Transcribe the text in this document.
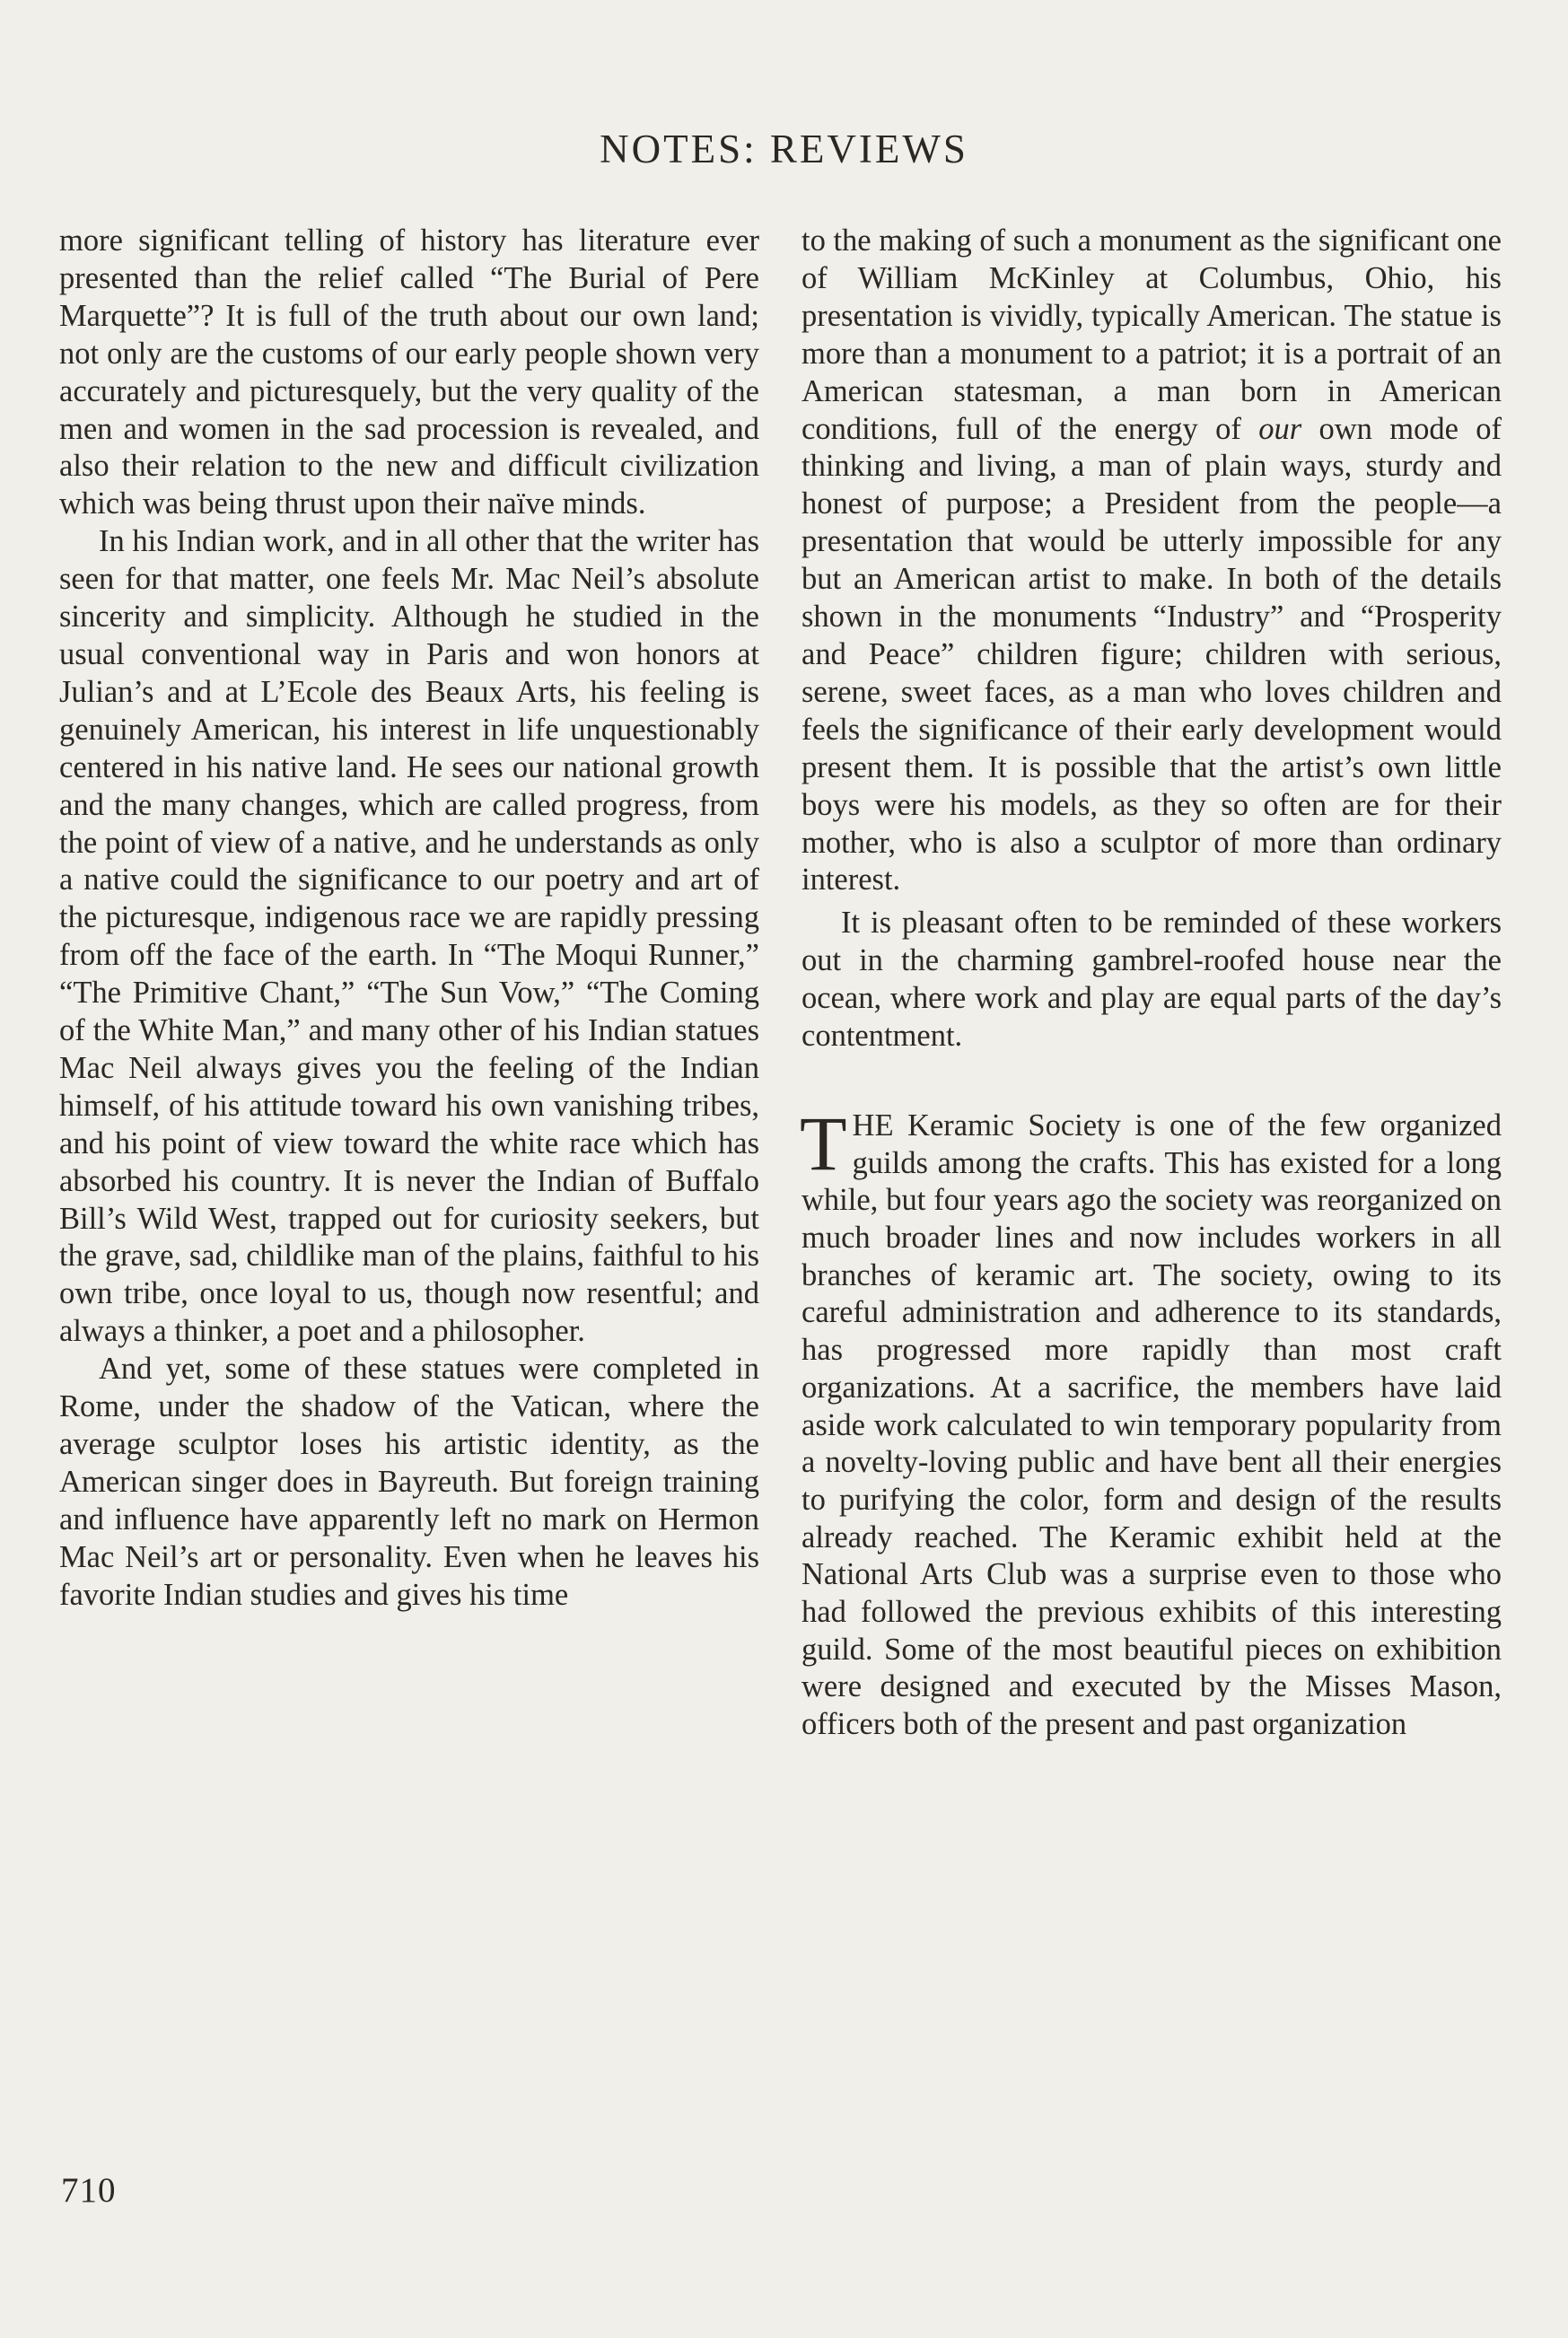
NOTES: REVIEWS

more significant telling of history has literature ever presented than the relief called “The Burial of Pere Marquette”? It is full of the truth about our own land; not only are the customs of our early people shown very accurately and picturesquely, but the very quality of the men and women in the sad procession is revealed, and also their relation to the new and difficult civilization which was being thrust upon their naïve minds.

In his Indian work, and in all other that the writer has seen for that matter, one feels Mr. Mac Neil’s absolute sincerity and simplicity. Although he studied in the usual conventional way in Paris and won honors at Julian’s and at L’Ecole des Beaux Arts, his feeling is genuinely American, his interest in life unquestionably centered in his native land. He sees our national growth and the many changes, which are called progress, from the point of view of a native, and he understands as only a native could the significance to our poetry and art of the picturesque, indigenous race we are rapidly pressing from off the face of the earth. In “The Moqui Runner,” “The Primitive Chant,” “The Sun Vow,” “The Coming of the White Man,” and many other of his Indian statues Mac Neil always gives you the feeling of the Indian himself, of his attitude toward his own vanishing tribes, and his point of view toward the white race which has absorbed his country. It is never the Indian of Buffalo Bill’s Wild West, trapped out for curiosity seekers, but the grave, sad, childlike man of the plains, faithful to his own tribe, once loyal to us, though now resentful; and always a thinker, a poet and a philosopher.

And yet, some of these statues were completed in Rome, under the shadow of the Vatican, where the average sculptor loses his artistic identity, as the American singer does in Bayreuth. But foreign training and influence have apparently left no mark on Hermon Mac Neil’s art or personality. Even when he leaves his favorite Indian studies and gives his time

to the making of such a monument as the significant one of William McKinley at Columbus, Ohio, his presentation is vividly, typically American. The statue is more than a monument to a patriot; it is a portrait of an American statesman, a man born in American conditions, full of the energy of our own mode of thinking and living, a man of plain ways, sturdy and honest of purpose; a President from the people—a presentation that would be utterly impossible for any but an American artist to make. In both of the details shown in the monuments “Industry” and “Prosperity and Peace” children figure; children with serious, serene, sweet faces, as a man who loves children and feels the significance of their early development would present them. It is possible that the artist’s own little boys were his models, as they so often are for their mother, who is also a sculptor of more than ordinary interest.

It is pleasant often to be reminded of these workers out in the charming gambrel-roofed house near the ocean, where work and play are equal parts of the day’s contentment.

THE Keramic Society is one of the few organized guilds among the crafts. This has existed for a long while, but four years ago the society was reorganized on much broader lines and now includes workers in all branches of keramic art. The society, owing to its careful administration and adherence to its standards, has progressed more rapidly than most craft organizations. At a sacrifice, the members have laid aside work calculated to win temporary popularity from a novelty-loving public and have bent all their energies to purifying the color, form and design of the results already reached. The Keramic exhibit held at the National Arts Club was a surprise even to those who had followed the previous exhibits of this interesting guild. Some of the most beautiful pieces on exhibition were designed and executed by the Misses Mason, officers both of the present and past organization

710
